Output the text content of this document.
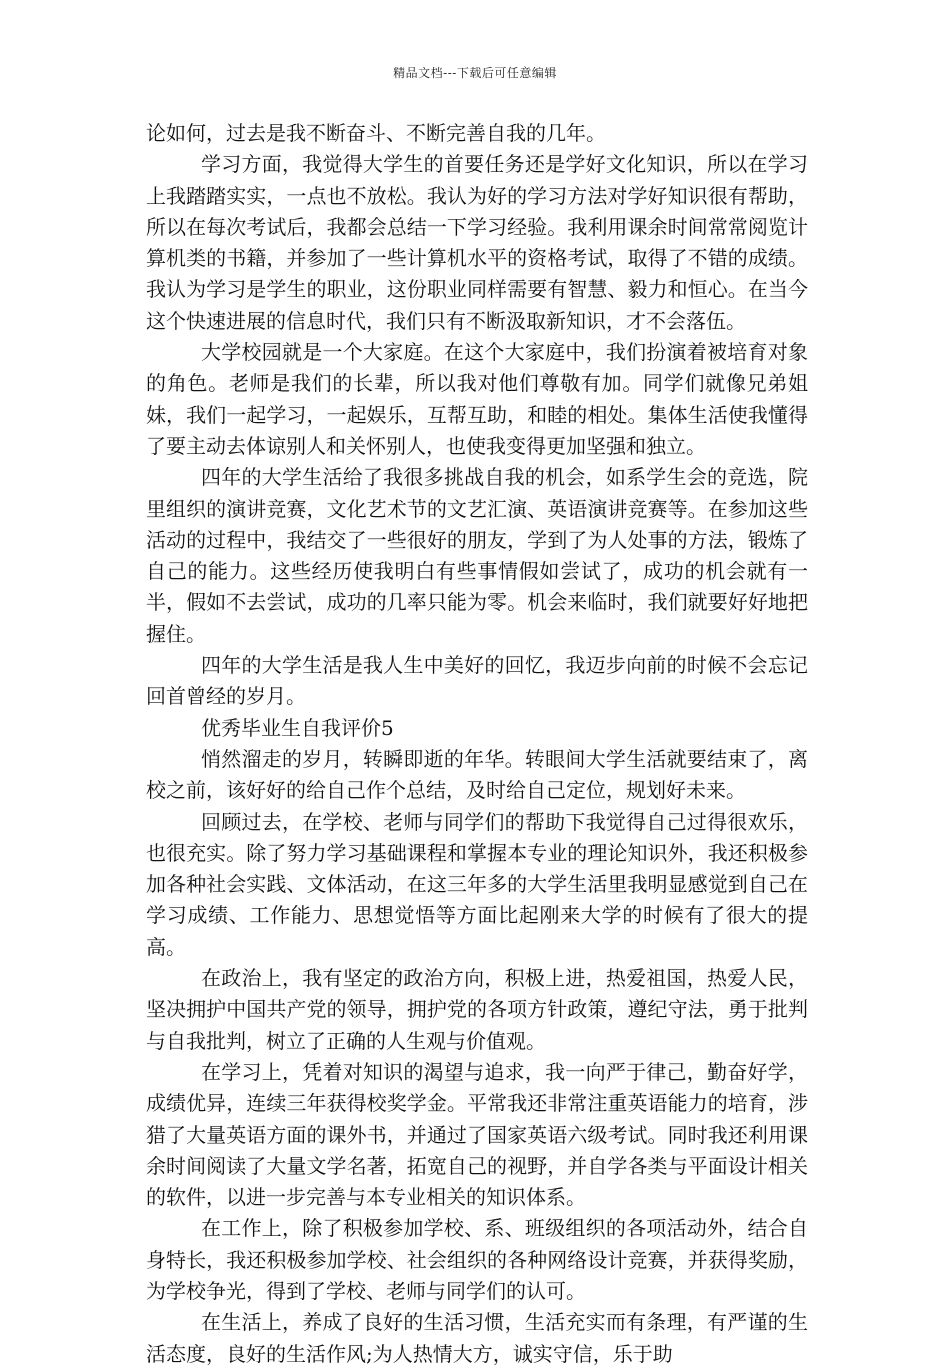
精品文档---下载后可任意编辑

论如何，过去是我不断奋斗、不断完善自我的几年。

学习方面，我觉得大学生的首要任务还是学好文化知识，所以在学习上我踏踏实实，一点也不放松。我认为好的学习方法对学好知识很有帮助，所以在每次考试后，我都会总结一下学习经验。我利用课余时间常常阅览计算机类的书籍，并参加了一些计算机水平的资格考试，取得了不错的成绩。我认为学习是学生的职业，这份职业同样需要有智慧、毅力和恒心。在当今这个快速进展的信息时代，我们只有不断汲取新知识，才不会落伍。

大学校园就是一个大家庭。在这个大家庭中，我们扮演着被培育对象的角色。老师是我们的长辈，所以我对他们尊敬有加。同学们就像兄弟姐妹，我们一起学习，一起娱乐，互帮互助，和睦的相处。集体生活使我懂得了要主动去体谅别人和关怀别人，也使我变得更加坚强和独立。

四年的大学生活给了我很多挑战自我的机会，如系学生会的竞选，院里组织的演讲竞赛，文化艺术节的文艺汇演、英语演讲竞赛等。在参加这些活动的过程中，我结交了一些很好的朋友，学到了为人处事的方法，锻炼了自己的能力。这些经历使我明白有些事情假如尝试了，成功的机会就有一半，假如不去尝试，成功的几率只能为零。机会来临时，我们就要好好地把握住。

四年的大学生活是我人生中美好的回忆，我迈步向前的时候不会忘记回首曾经的岁月。

优秀毕业生自我评价5

悄然溜走的岁月，转瞬即逝的年华。转眼间大学生活就要结束了，离校之前，该好好的给自己作个总结，及时给自己定位，规划好未来。

回顾过去，在学校、老师与同学们的帮助下我觉得自己过得很欢乐，也很充实。除了努力学习基础课程和掌握本专业的理论知识外，我还积极参加各种社会实践、文体活动，在这三年多的大学生活里我明显感觉到自己在学习成绩、工作能力、思想觉悟等方面比起刚来大学的时候有了很大的提高。

在政治上，我有坚定的政治方向，积极上进，热爱祖国，热爱人民，坚决拥护中国共产党的领导，拥护党的各项方针政策，遵纪守法，勇于批判与自我批判，树立了正确的人生观与价值观。

在学习上，凭着对知识的渴望与追求，我一向严于律己，勤奋好学，成绩优异，连续三年获得校奖学金。平常我还非常注重英语能力的培育，涉猎了大量英语方面的课外书，并通过了国家英语六级考试。同时我还利用课余时间阅读了大量文学名著，拓宽自己的视野，并自学各类与平面设计相关的软件，以进一步完善与本专业相关的知识体系。

在工作上，除了积极参加学校、系、班级组织的各项活动外，结合自身特长，我还积极参加学校、社会组织的各种网络设计竞赛，并获得奖励，为学校争光，得到了学校、老师与同学们的认可。

在生活上，养成了良好的生活习惯，生活充实而有条理，有严谨的生活态度，良好的生活作风;为人热情大方，诚实守信，乐于助
